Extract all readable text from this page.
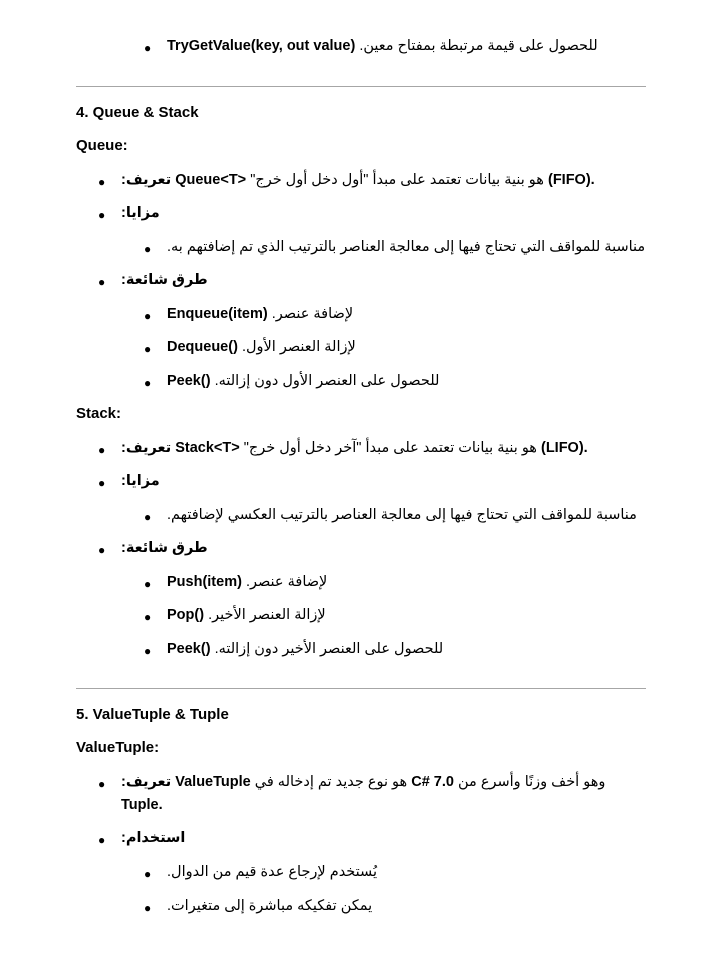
● TryGetValue(key, out value) للحصول على قيمة مرتبطة بمفتاح معين.
4. Queue & Stack
Queue:
● تعريف: Queue<T> هو بنية بيانات تعتمد على مبدأ "أول دخل أول خرج" (FIFO).
● مزايا:
● مناسبة للمواقف التي تحتاج فيها إلى معالجة العناصر بالترتيب الذي تم إضافتهم به.
● طرق شائعة:
● Enqueue(item) لإضافة عنصر.
● Dequeue() لإزالة العنصر الأول.
● Peek() للحصول على العنصر الأول دون إزالته.
Stack:
● تعريف: Stack<T> هو بنية بيانات تعتمد على مبدأ "آخر دخل أول خرج" (LIFO).
● مزايا:
● مناسبة للمواقف التي تحتاج فيها إلى معالجة العناصر بالترتيب العكسي لإضافتهم.
● طرق شائعة:
● Push(item) لإضافة عنصر.
● Pop() لإزالة العنصر الأخير.
● Peek() للحصول على العنصر الأخير دون إزالته.
5. ValueTuple & Tuple
ValueTuple:
● تعريف: ValueTuple هو نوع جديد تم إدخاله في C# 7.0 وهو أخف وزنًا وأسرع من
Tuple.
● استخدام:
● يُستخدم لإرجاع عدة قيم من الدوال.
● يمكن تفكيكه مباشرة إلى متغيرات.
